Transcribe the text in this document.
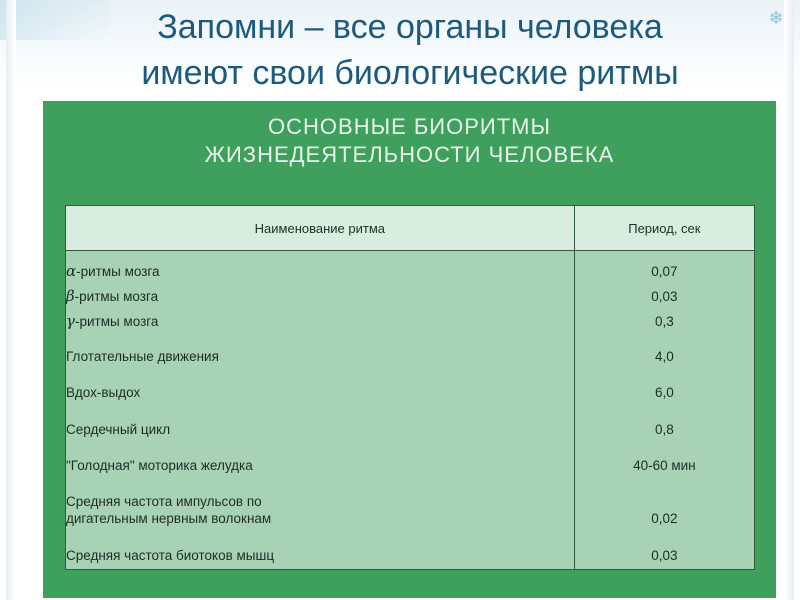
❄
Запомни – все органы человека
имеют свои биологические ритмы
ОСНОВНЫЕ БИОРИТМЫ
ЖИЗНЕДЕЯТЕЛЬНОСТИ ЧЕЛОВЕКА
Наименование ритма	Период, сек

α-ритмы мозга	0,07
β-ритмы мозга	0,03
γ-ритмы мозга	0,3
Глотательные движения	4,0
Вдох-выдох	6,0
Сердечный цикл	0,8
"Голодная" моторика желудка	40-60 мин

Средняя частота импульсов по
дигательным нервным волокнам	0,02
Средняя частота биотоков мышц	0,03
